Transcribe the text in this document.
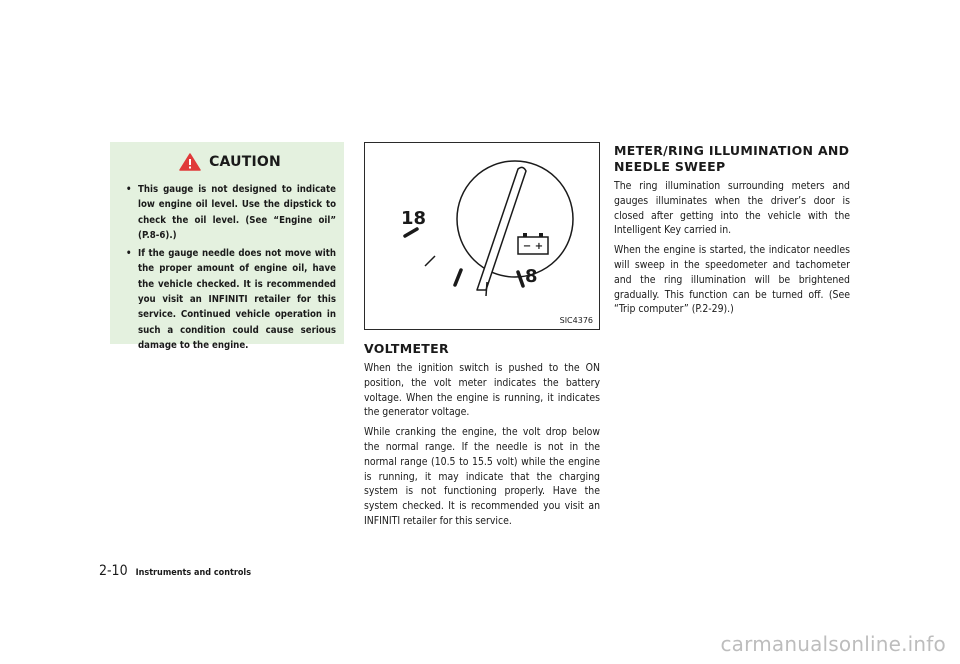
CAUTION
• This gauge is not designed to indicate low engine oil level. Use the dipstick to check the oil level. (See “Engine oil” (P.8-6).)
• If the gauge needle does not move with the proper amount of engine oil, have the vehicle checked. It is recommended you visit an INFINITI retailer for this service. Continued vehicle operation in such a condition could cause serious damage to the engine.
18
8
− +
SIC4376
VOLTMETER

When the ignition switch is pushed to the ON position, the volt meter indicates the battery voltage. When the engine is running, it indicates the generator voltage.

While cranking the engine, the volt drop below the normal range. If the needle is not in the normal range (10.5 to 15.5 volt) while the engine is running, it may indicate that the charging system is not functioning properly. Have the system checked. It is recommended you visit an INFINITI retailer for this service.

METER/RING ILLUMINATION AND NEEDLE SWEEP

The ring illumination surrounding meters and gauges illuminates when the driver’s door is closed after getting into the vehicle with the Intelligent Key carried in.

When the engine is started, the indicator needles will sweep in the speedometer and tachometer and the ring illumination will be brightened gradually. This function can be turned off. (See “Trip computer” (P.2-29).)

2-10 Instruments and controls
carmanualsonline.info
